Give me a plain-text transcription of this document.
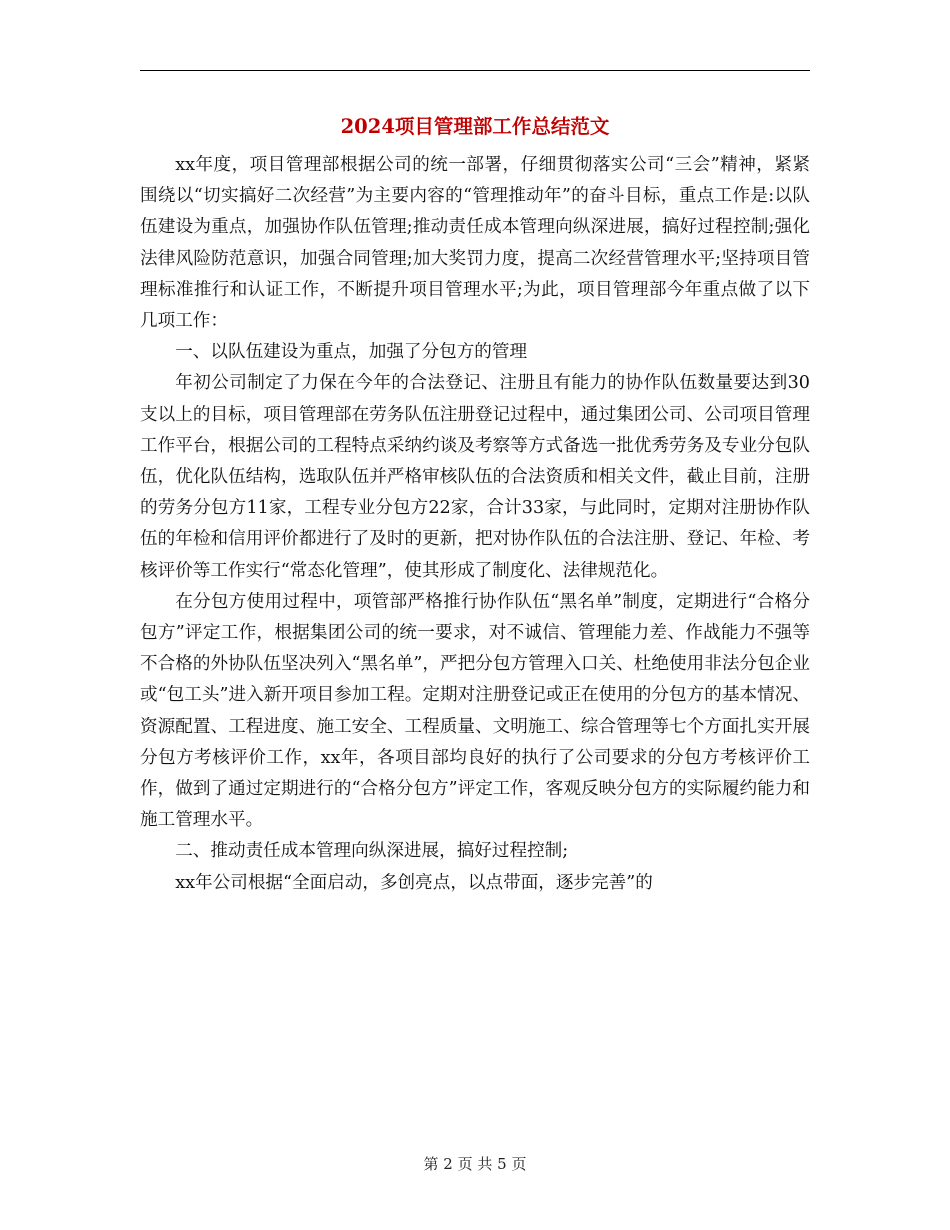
2024项目管理部工作总结范文

xx年度，项目管理部根据公司的统一部署，仔细贯彻落实公司“三会”精神，紧紧围绕以“切实搞好二次经营”为主要内容的“管理推动年”的奋斗目标，重点工作是:以队伍建设为重点，加强协作队伍管理;推动责任成本管理向纵深进展，搞好过程控制;强化法律风险防范意识，加强合同管理;加大奖罚力度，提高二次经营管理水平;坚持项目管理标准推行和认证工作，不断提升项目管理水平;为此，项目管理部今年重点做了以下几项工作：

一、以队伍建设为重点，加强了分包方的管理

年初公司制定了力保在今年的合法登记、注册且有能力的协作队伍数量要达到30支以上的目标，项目管理部在劳务队伍注册登记过程中，通过集团公司、公司项目管理工作平台，根据公司的工程特点采纳约谈及考察等方式备选一批优秀劳务及专业分包队伍，优化队伍结构，选取队伍并严格审核队伍的合法资质和相关文件，截止目前，注册的劳务分包方11家，工程专业分包方22家，合计33家，与此同时，定期对注册协作队伍的年检和信用评价都进行了及时的更新，把对协作队伍的合法注册、登记、年检、考核评价等工作实行“常态化管理”，使其形成了制度化、法律规范化。

在分包方使用过程中，项管部严格推行协作队伍“黑名单”制度，定期进行“合格分包方”评定工作，根据集团公司的统一要求，对不诚信、管理能力差、作战能力不强等不合格的外协队伍坚决列入“黑名单”，严把分包方管理入口关、杜绝使用非法分包企业或“包工头”进入新开项目参加工程。定期对注册登记或正在使用的分包方的基本情况、资源配置、工程进度、施工安全、工程质量、文明施工、综合管理等七个方面扎实开展分包方考核评价工作，xx年，各项目部均良好的执行了公司要求的分包方考核评价工作，做到了通过定期进行的“合格分包方”评定工作，客观反映分包方的实际履约能力和施工管理水平。

二、推动责任成本管理向纵深进展，搞好过程控制;

xx年公司根据“全面启动，多创亮点，以点带面，逐步完善”的

第 2 页 共 5 页
